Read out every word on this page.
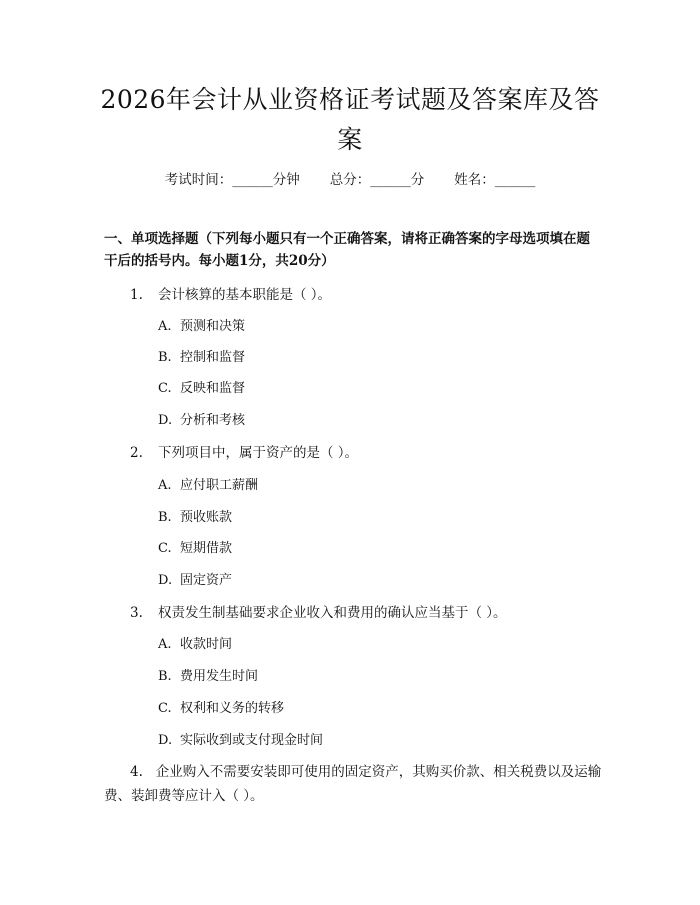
2026年会计从业资格证考试题及答案库及答案
考试时间：______分钟 总分：______分 姓名：______
一、单项选择题（下列每小题只有一个正确答案，请将正确答案的字母选项填在题干后的括号内。每小题1分，共20分）
1. 会计核算的基本职能是（ ）。
A. 预测和决策
B. 控制和监督
C. 反映和监督
D. 分析和考核
2. 下列项目中，属于资产的是（ ）。
A. 应付职工薪酬
B. 预收账款
C. 短期借款
D. 固定资产
3. 权责发生制基础要求企业收入和费用的确认应当基于（ ）。
A. 收款时间
B. 费用发生时间
C. 权利和义务的转移
D. 实际收到或支付现金时间
4. 企业购入不需要安装即可使用的固定资产，其购买价款、相关税费以及运输费、装卸费等应计入（ ）。
